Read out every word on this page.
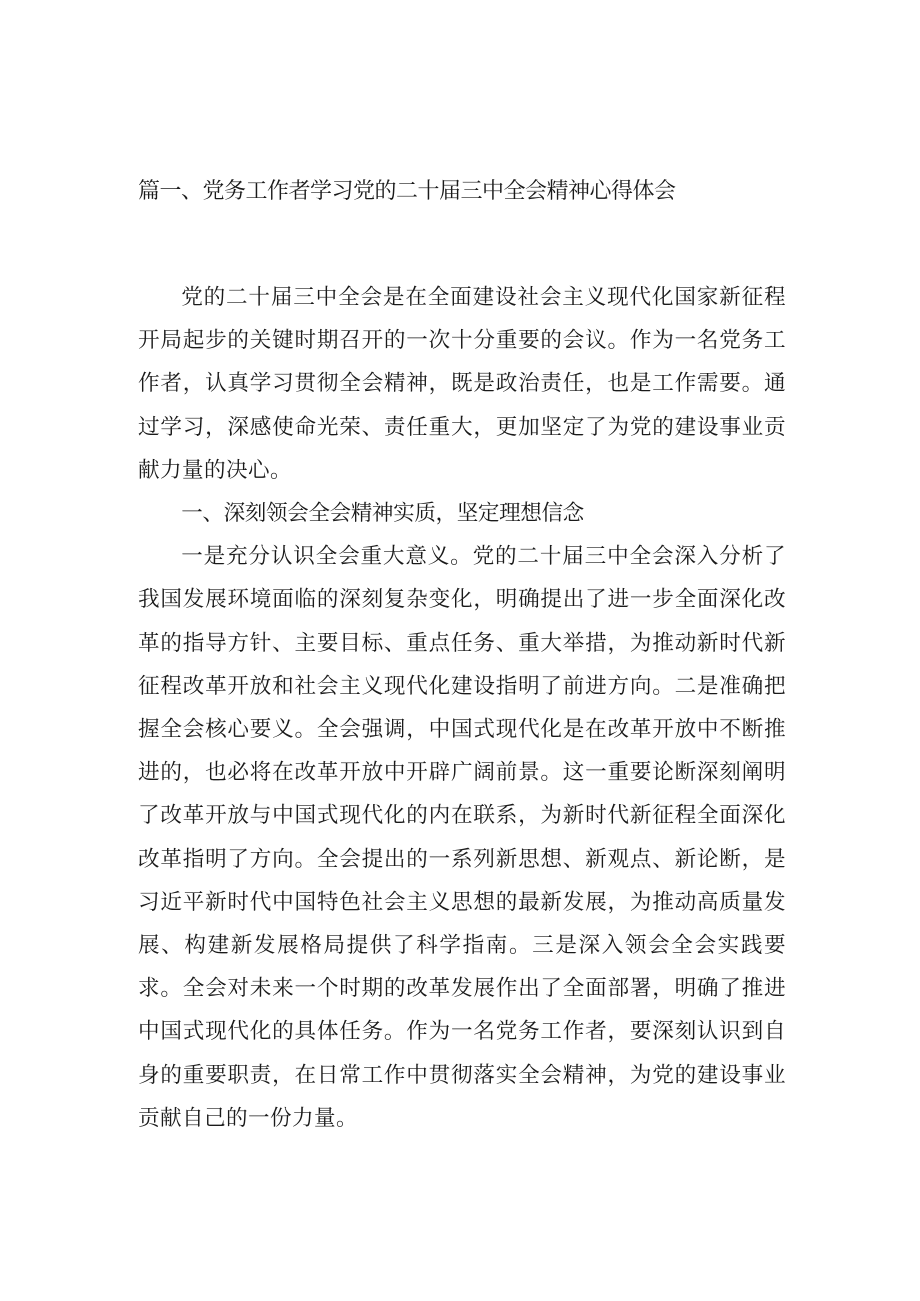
篇一、党务工作者学习党的二十届三中全会精神心得体会

党的二十届三中全会是在全面建设社会主义现代化国家新征程开局起步的关键时期召开的一次十分重要的会议。作为一名党务工作者，认真学习贯彻全会精神，既是政治责任，也是工作需要。通过学习，深感使命光荣、责任重大，更加坚定了为党的建设事业贡献力量的决心。

一、深刻领会全会精神实质，坚定理想信念

一是充分认识全会重大意义。党的二十届三中全会深入分析了我国发展环境面临的深刻复杂变化，明确提出了进一步全面深化改革的指导方针、主要目标、重点任务、重大举措，为推动新时代新征程改革开放和社会主义现代化建设指明了前进方向。二是准确把握全会核心要义。全会强调，中国式现代化是在改革开放中不断推进的，也必将在改革开放中开辟广阔前景。这一重要论断深刻阐明了改革开放与中国式现代化的内在联系，为新时代新征程全面深化改革指明了方向。全会提出的一系列新思想、新观点、新论断，是习近平新时代中国特色社会主义思想的最新发展，为推动高质量发展、构建新发展格局提供了科学指南。三是深入领会全会实践要求。全会对未来一个时期的改革发展作出了全面部署，明确了推进中国式现代化的具体任务。作为一名党务工作者，要深刻认识到自身的重要职责，在日常工作中贯彻落实全会精神，为党的建设事业贡献自己的一份力量。
